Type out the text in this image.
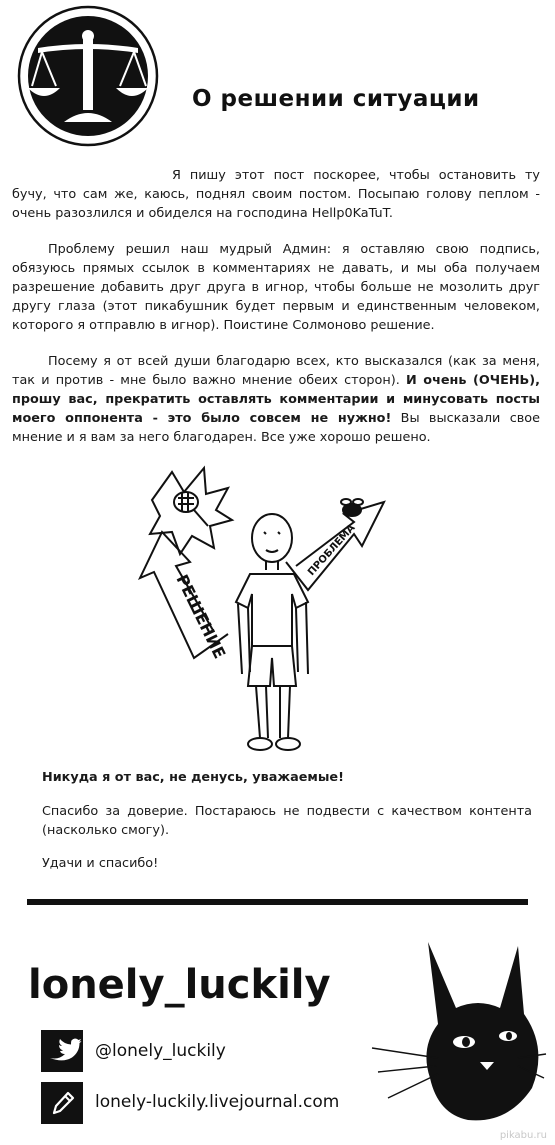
О решении ситуации

Я пишу этот пост поскорее, чтобы остановить ту бучу, что сам же, каюсь, поднял своим постом. Посыпаю голову пеплом - очень разозлился и обиделся на господина Hellp0KaTuT.

Проблему решил наш мудрый Админ: я оставляю свою подпись, обязуюсь прямых ссылок в комментариях не давать, и мы оба получаем разрешение добавить друг друга в игнор, чтобы больше не мозолить друг другу глаза (этот пикабушник будет первым и единственным человеком, которого я отправлю в игнор). Поистине Солмоново решение.

Посему я от всей души благодарю всех, кто высказался (как за меня, так и против - мне было важно мнение обеих сторон). И очень (ОЧЕНЬ), прошу вас, прекратить оставлять комментарии и минусовать посты моего оппонента - это было совсем не нужно! Вы высказали свое мнение и я вам за него благодарен. Все уже хорошо решено.

РЕШЕНИЕ
ПРОБЛЕМА

Никуда я от вас, не денусь, уважаемые!

Спасибо за доверие. Постараюсь не подвести с качеством контента (насколько смогу).

Удачи и спасибо!

lonely_luckily
@lonely_luckily
lonely-luckily.livejournal.com
pikabu.ru
